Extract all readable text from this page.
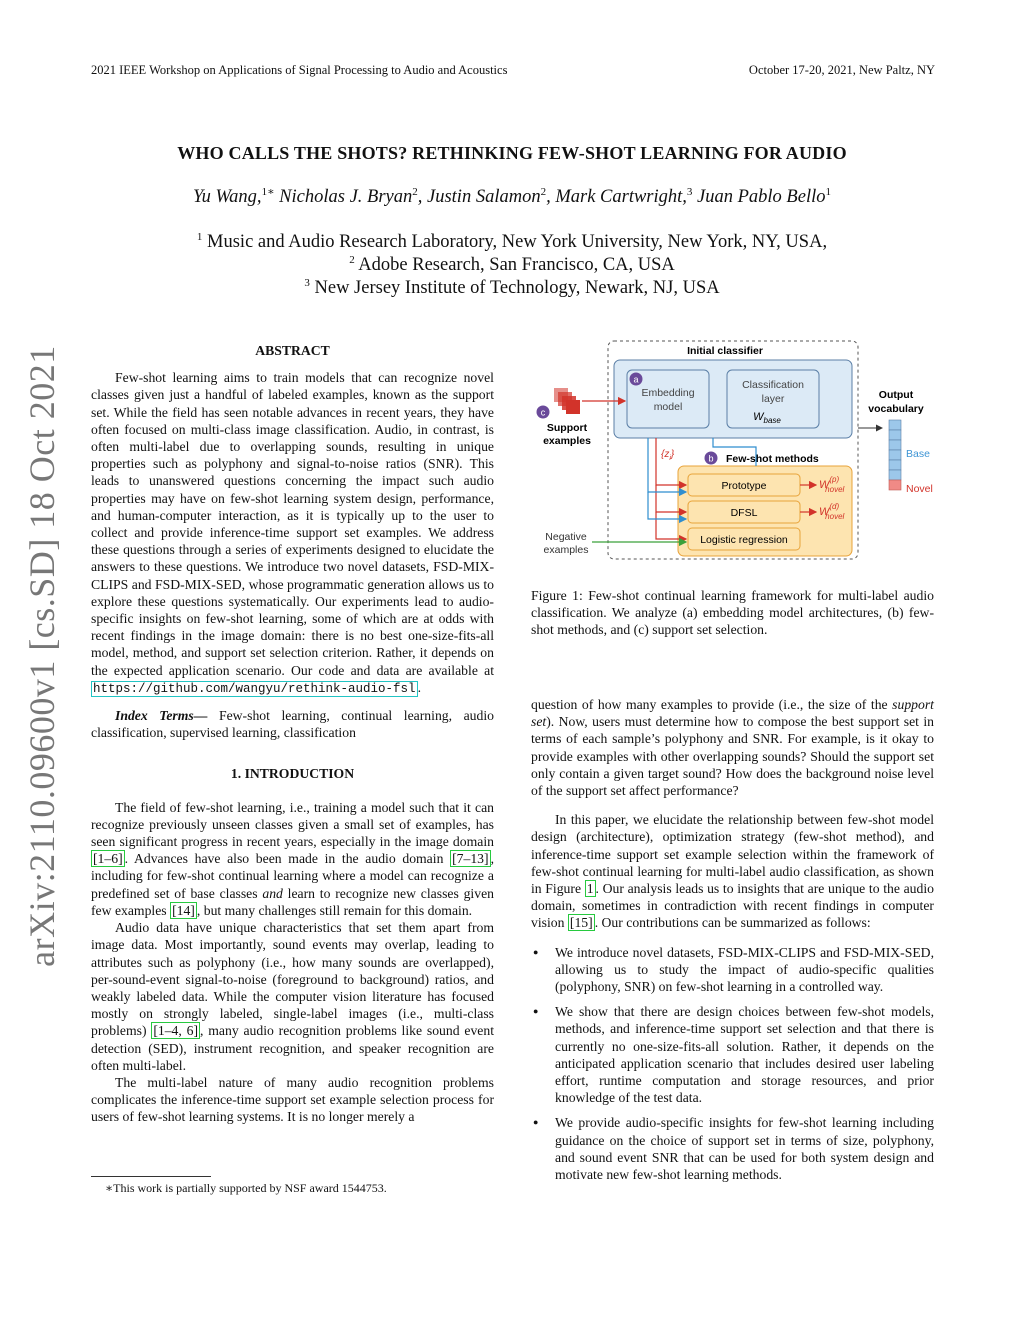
2021 IEEE Workshop on Applications of Signal Processing to Audio and Acoustics	October 17-20, 2021, New Paltz, NY
WHO CALLS THE SHOTS? RETHINKING FEW-SHOT LEARNING FOR AUDIO
Yu Wang,$^{1∗}$ Nicholas J. Bryan$^2$, Justin Salamon$^2$, Mark Cartwright,$^3$ Juan Pablo Bello$^1$
$^1$ Music and Audio Research Laboratory, New York University, New York, NY, USA,
$^2$ Adobe Research, San Francisco, CA, USA
$^3$ New Jersey Institute of Technology, Newark, NJ, USA
arXiv:2110.09600v1 [cs.SD] 18 Oct 2021	ABSTRACT

Few-shot learning aims to train models that can recognize novel classes given just a handful of labeled examples, known as the support set. While the field has seen notable advances in recent years, they have often focused on multi-class image classification. Audio, in contrast, is often multi-label due to overlapping sounds, resulting in unique properties such as polyphony and signal-to-noise ratios (SNR). This leads to unanswered questions concerning the impact such audio properties may have on few-shot learning system design, performance, and human-computer interaction, as it is typically up to the user to collect and provide inference-time support set examples. We address these questions through a series of experiments designed to elucidate the answers to these questions. We introduce two novel datasets, FSD-MIX-CLIPS and FSD-MIX-SED, whose programmatic generation allows us to explore these questions systematically. Our experiments lead to audio-specific insights on few-shot learning, some of which are at odds with recent findings in the image domain: there is no best one-size-fits-all model, method, and support set selection criterion. Rather, it depends on the expected application scenario. Our code and data are available at https://github.com/wangyu/rethink-audio-fsl .

Index Terms— Few-shot learning, continual learning, audio classification, supervised learning, classification

1. INTRODUCTION

The field of few-shot learning, i.e., training a model such that it can recognize previously unseen classes given a small set of examples, has seen significant progress in recent years, especially in the image domain [1–6] . Advances have also been made in the audio domain [7–13] , including for few-shot continual learning where a model can recognize a predefined set of base classes and learn to recognize new classes given few examples [14] , but many challenges still remain for this domain.

Audio data have unique characteristics that set them apart from image data. Most importantly, sound events may overlap, leading to attributes such as polyphony (i.e., how many sounds are overlapped), per-sound-event signal-to-noise (foreground to background) ratios, and weakly labeled data. While the computer vision literature has focused mostly on strongly labeled, single-label images (i.e., multi-class problems) [1–4, 6] , many audio recognition problems like sound event detection (SED), instrument recognition, and speaker recognition are often multi-label.

The multi-label nature of many audio recognition problems complicates the inference-time support set example selection process for users of few-shot learning systems. It is no longer merely a

∗This work is partially supported by NSF award 1544753.
Initial classifier
Embedding
model
Classification
layer
$W_{base}$
a
c
Support
examples
b Few-shot methods
Prototype
DFSL
Logistic regression
$W^{(p)}$ novel
$W^{(d)}$ novel
$\{z_i\}$
Negative
examples
Output
vocabulary
Base
Novel
Figure 1: Few-shot continual learning framework for multi-label audio classification. We analyze (a) embedding model architectures, (b) few-shot methods, and (c) support set selection.

question of how many examples to provide (i.e., the size of the support set). Now, users must determine how to compose the best support set in terms of each sample’s polyphony and SNR. For example, is it okay to provide examples with other overlapping sounds? Should the support set only contain a given target sound? How does the background noise level of the support set affect performance?

In this paper, we elucidate the relationship between few-shot model design (architecture), optimization strategy (few-shot method), and inference-time support set example selection within the framework of few-shot continual learning for multi-label audio classification, as shown in Figure 1 . Our analysis leads us to insights that are unique to the audio domain, sometimes in contradiction with recent findings in computer vision [15] . Our contributions can be summarized as follows:

● We introduce novel datasets, FSD-MIX-CLIPS and FSD-MIX-SED, allowing us to study the impact of audio-specific qualities (polyphony, SNR) on few-shot learning in a controlled way.
● We show that there are design choices between few-shot models, methods, and inference-time support set selection and that there is currently no one-size-fits-all solution. Rather, it depends on the anticipated application scenario that includes desired user labeling effort, runtime computation and storage resources, and prior knowledge of the test data.
● We provide audio-specific insights for few-shot learning including guidance on the choice of support set in terms of size, polyphony, and sound event SNR that can be used for both system design and motivate new few-shot learning methods.
